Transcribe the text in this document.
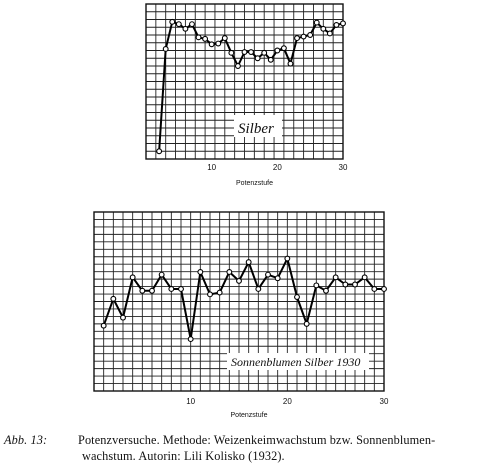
Silber
10	20	30
Potenzstufe
Sonnenblumen Silber 1930
10	20	30
Potenzstufe
Abb. 13:	Potenzversuche. Methode: Weizenkeimwachstum bzw. Sonnenblumen-
wachstum. Autorin: Lili Kolisko (1932).
